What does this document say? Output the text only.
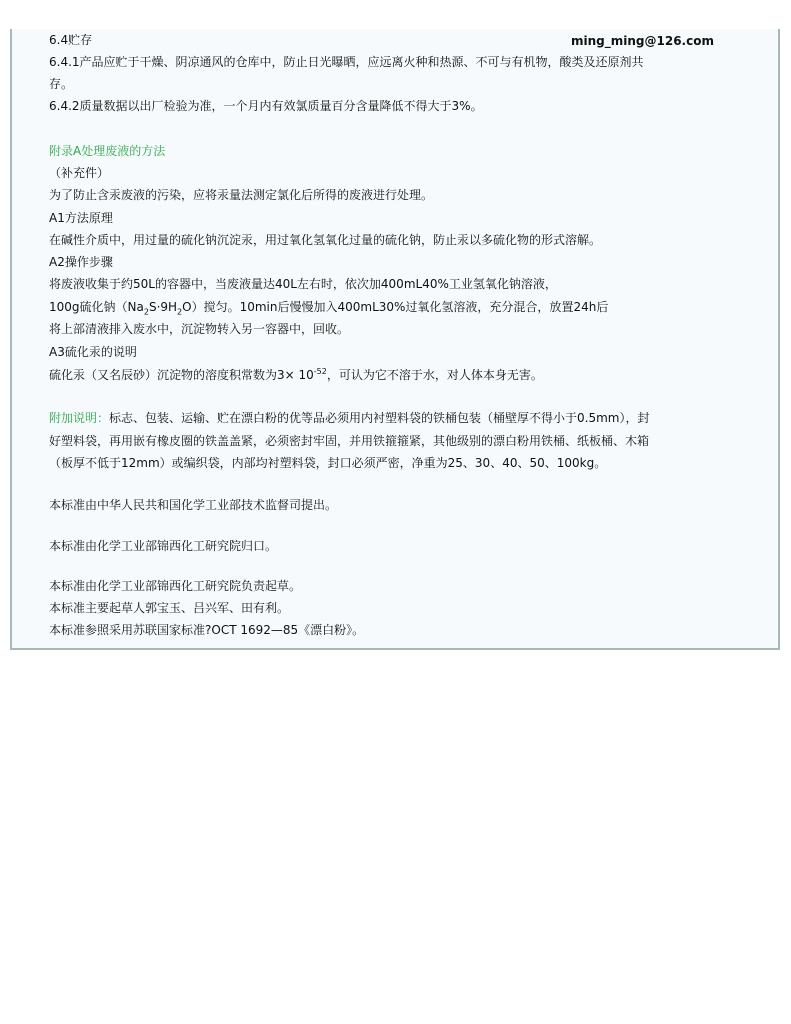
6.4贮存	ming_ming@126.com
6.4.1产品应贮于干燥、阴凉通风的仓库中，防止日光曝晒，应远离火种和热源、不可与有机物，酸类及还原剂共
存。
6.4.2质量数据以出厂检验为准，一个月内有效氯质量百分含量降低不得大于3%。
附录A处理废液的方法
（补充件）
为了防止含汞废液的污染，应将汞量法测定氯化后所得的废液进行处理。
A1方法原理
在碱性介质中，用过量的硫化钠沉淀汞，用过氧化氢氧化过量的硫化钠，防止汞以多硫化物的形式溶解。
A2操作步骤
将废液收集于约50L的容器中，当废液量达40L左右时，依次加400mL40%工业氢氧化钠溶液，
100g硫化钠$(Na_2S\cdot 9H_2O)$搅匀。10min后慢慢加入400mL30%过氧化氢溶液，充分混合，放置24h后
将上部清液排入废水中，沉淀物转入另一容器中，回收。
A3硫化汞的说明
硫化汞（又名辰砂）沉淀物的溶度积常数为$3\times 10^{-52}$，可认为它不溶于水，对人体本身无害。
附加说明：标志、包装、运输、贮在漂白粉的优等品必须用内衬塑料袋的铁桶包装（桶壁厚不得小于0.5mm），封
好塑料袋，再用嵌有橡皮圈的铁盖盖紧，必须密封牢固，并用铁箍箍紧，其他级别的漂白粉用铁桶、纸板桶、木箱
（板厚不低于12mm）或编织袋，内部均衬塑料袋，封口必须严密，净重为25、30、40、50、100kg。
本标准由中华人民共和国化学工业部技术监督司提出。
本标准由化学工业部锦西化工研究院归口。
本标准由化学工业部锦西化工研究院负责起草。
本标准主要起草人郭宝玉、吕兴军、田有利。
本标准参照采用苏联国家标准?OCT 1692—85《漂白粉》。
